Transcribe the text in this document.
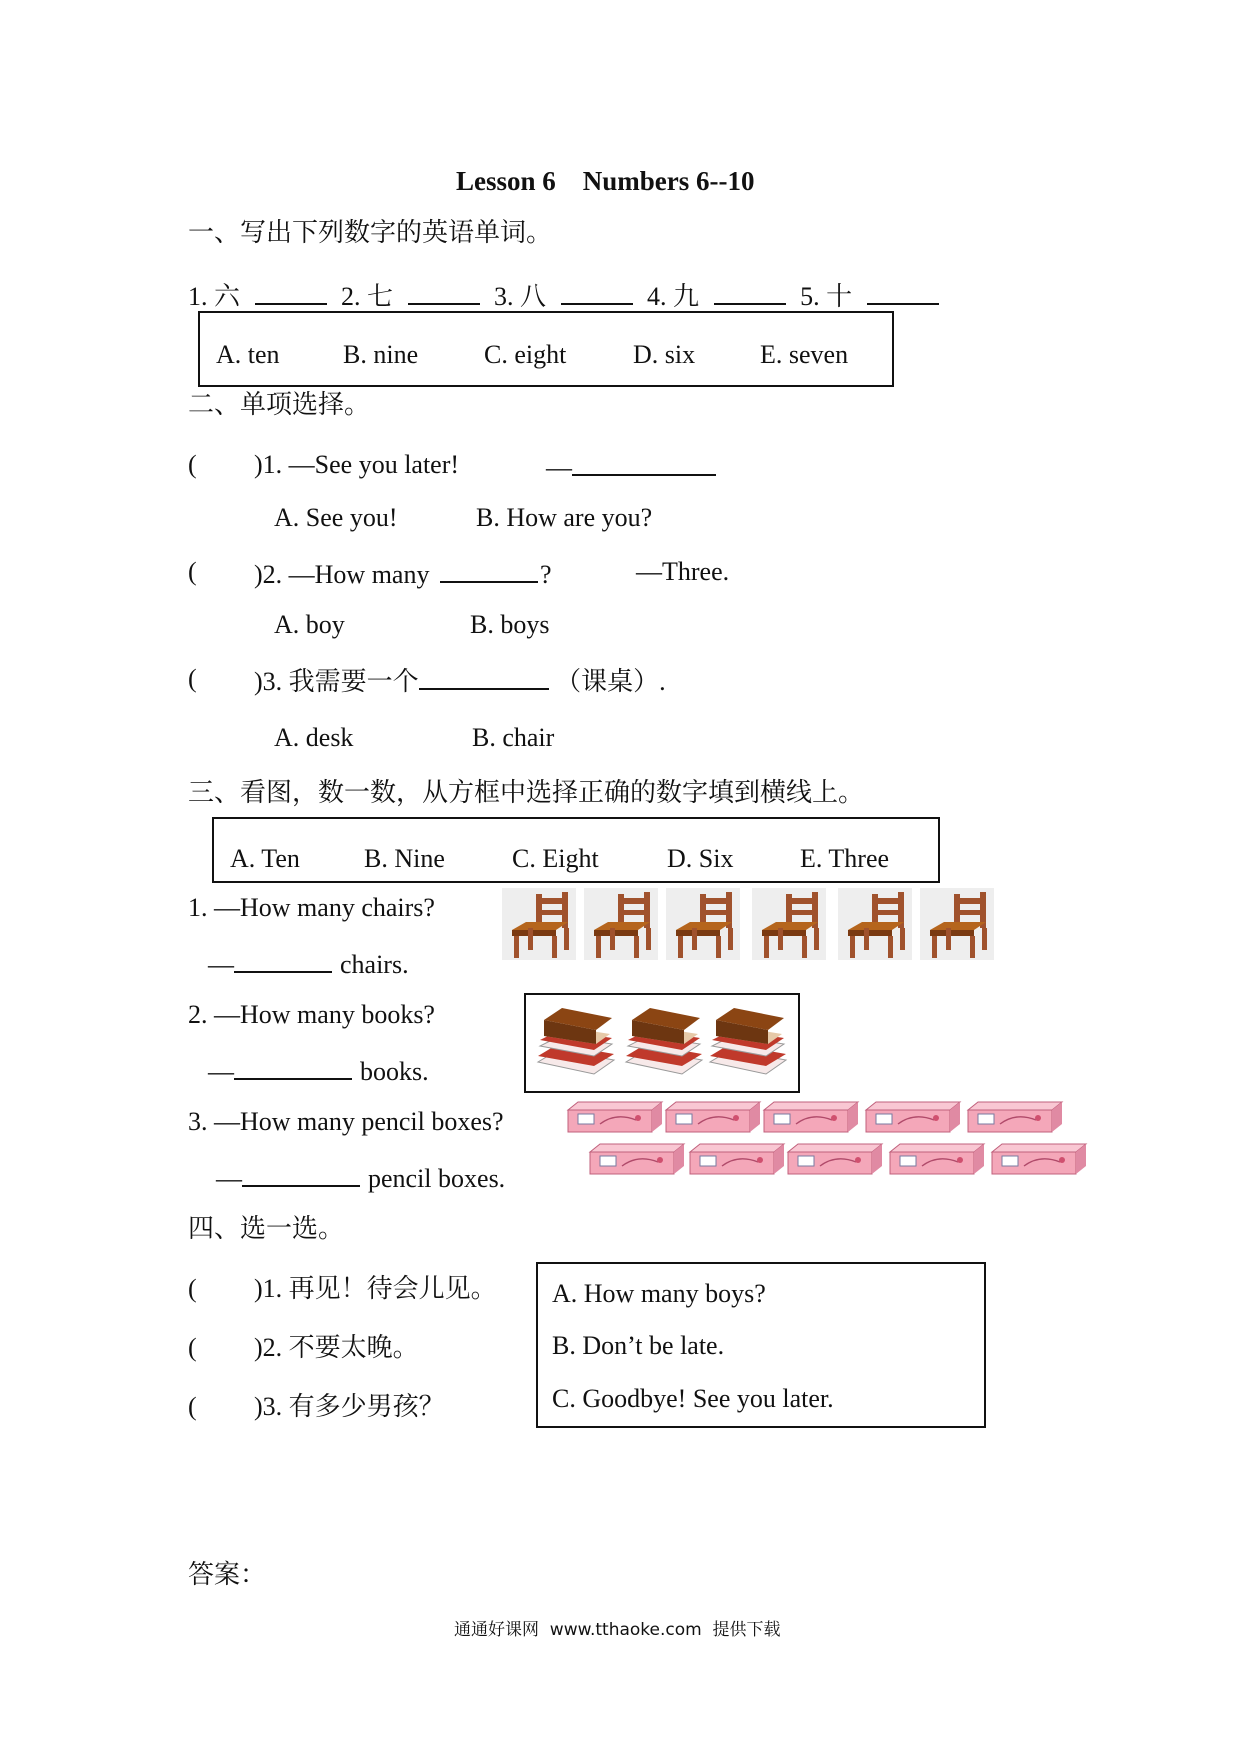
Lesson 6    Numbers 6--10
一、写出下列数字的英语单词。
1. 六	2. 七	3. 八	4. 九	5. 十
A. ten B. nine	C. eight	D. six E. seven
二、单项选择。
( )1. —See you later!	—
A. See you!	B. How are you?
( )2. —How many	?	—Three.
A. boy	B. boys
( )3. 我需要一个	（课桌）.
A. desk	B. chair
三、看图，数一数，从方框中选择正确的数字填到横线上。
A. Ten B. Nine	C. Eight	D. Six	E. Three
1. —How many chairs?
—	chairs.
2. —How many books?
—	books.
3. —How many pencil boxes?
—	pencil boxes.
四、选一选。
( )1. 再见！待会儿见。
( )2. 不要太晚。
( )3. 有多少男孩？
A. How many boys?
B. Don’t be late.
C. Goodbye! See you later.
答案：
通通好课网  www.tthaoke.com  提供下载
